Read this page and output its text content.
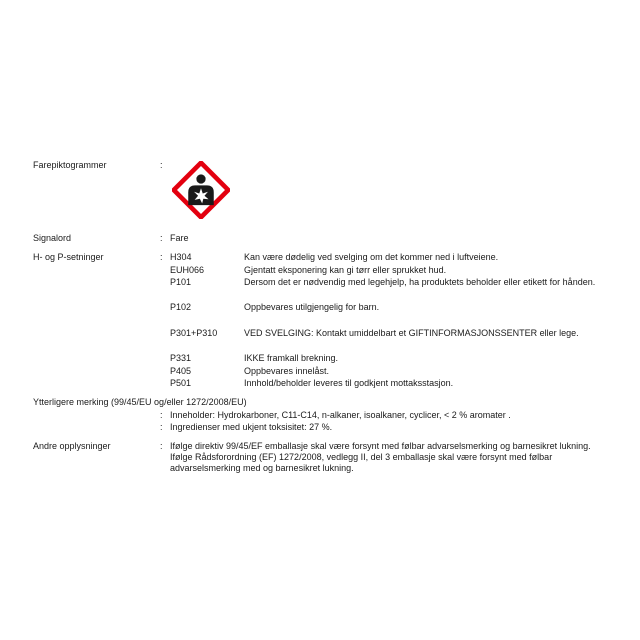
Farepiktogrammer	:
Signalord	: Fare
H- og P-setninger	: H304	Kan være dødelig ved svelging om det kommer ned i luftveiene.
EUH066	Gjentatt eksponering kan gi tørr eller sprukket hud.
P101	Dersom det er nødvendig med legehjelp, ha produktets beholder eller etikett for hånden.
P102	Oppbevares utilgjengelig for barn.
P301+P310	VED SVELGING: Kontakt umiddelbart et GIFTINFORMASJONSSENTER eller lege.
P331	IKKE framkall brekning.
P405	Oppbevares innelåst.
P501	Innhold/beholder leveres til godkjent mottaksstasjon.
Ytterligere merking (99/45/EU og/eller 1272/2008/EU)
: Inneholder: Hydrokarboner, C11-C14, n-alkaner, isoalkaner, cyclicer, < 2 % aromater .
: Ingredienser med ukjent toksisitet: 27 %.
Andre opplysninger	: Ifølge direktiv 99/45/EF emballasje skal være forsynt med følbar advarselsmerking og barnesikret lukning. Ifølge Rådsforordning (EF) 1272/2008, vedlegg II, del 3 emballasje skal være forsynt med følbar advarselsmerking med og barnesikret lukning.
